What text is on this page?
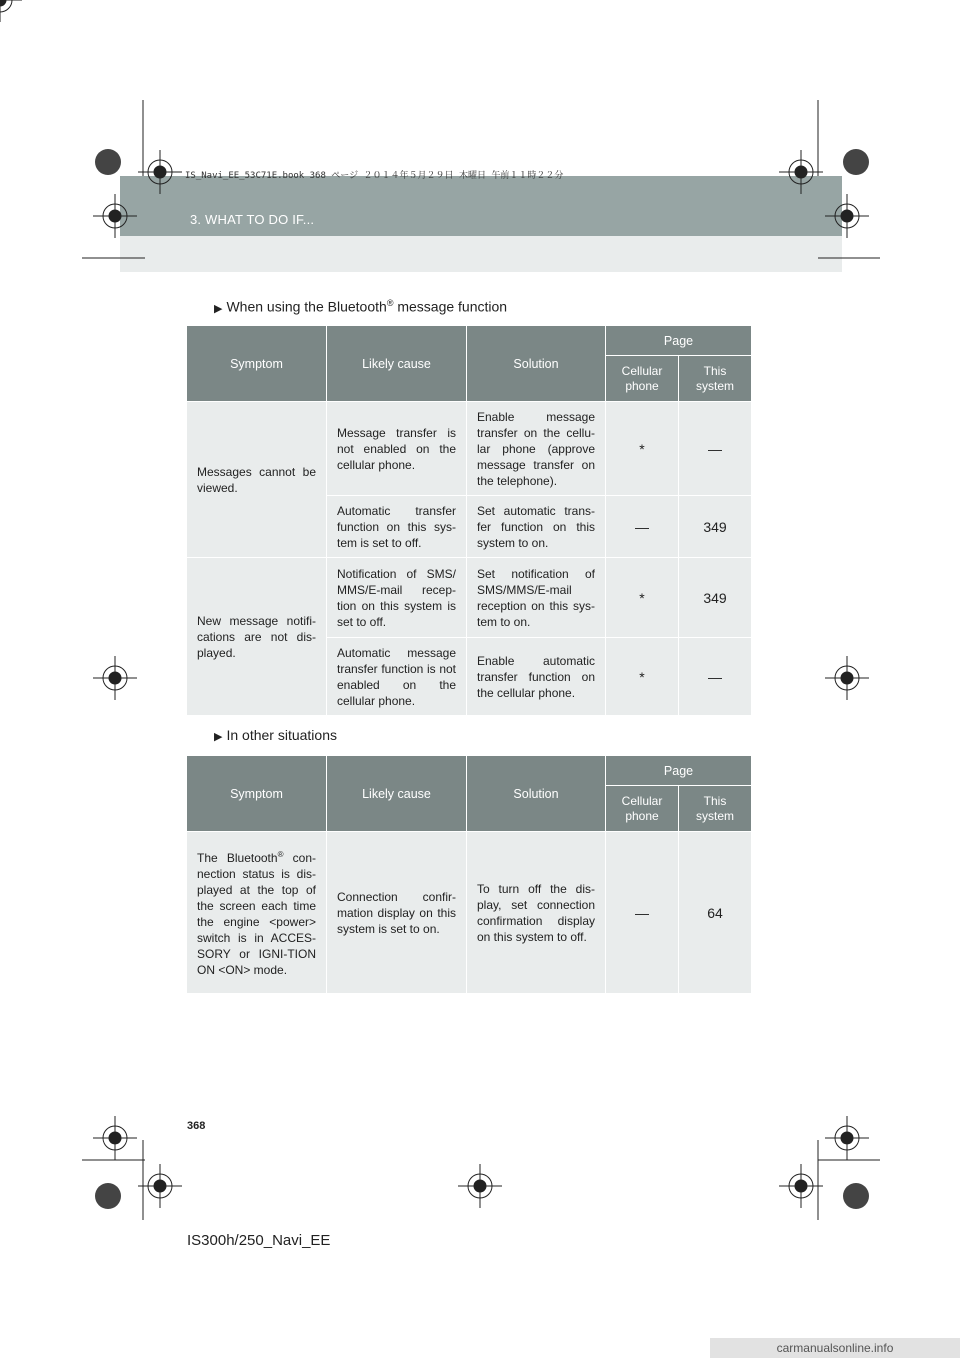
3. WHAT TO DO IF...
IS_Navi_EE_53C71E.book 368 ページ ２０１４年５月２９日 木曜日 午前１１時２２分
▶ When using the Bluetooth® message function
Symptom	Likely cause	Solution	Page	
			Cellular phone	This system
Messages cannot be viewed.	Message transfer is not enabled on the cellular phone.	Enable message transfer on the cellu-lar phone (approve message transfer on the telephone).	*	—
	Automatic transfer function on this sys-tem is set to off.	Set automatic trans-fer function on this system to on.	—	349
New message notifi-cations are not dis-played.	Notification of SMS/ MMS/E-mail recep-tion on this system is set to off.	Set notification of SMS/MMS/E-mail reception on this sys-tem to on.	*	349
	Automatic message transfer function is not enabled on the cellular phone.	Enable automatic transfer function on the cellular phone.	*	—
▶ In other situations
Symptom	Likely cause	Solution	Page	
			Cellular phone	This system
The Bluetooth® con-nection status is dis-played at the top of the screen each time the engine <power> switch is in ACCES-SORY or IGNI-TION ON <ON> mode.	Connection confir-mation display on this system is set to on.	To turn off the dis-play, set connection confirmation display on this system to off.	—	64
368
IS300h/250_Navi_EE
carmanualsonline.info
